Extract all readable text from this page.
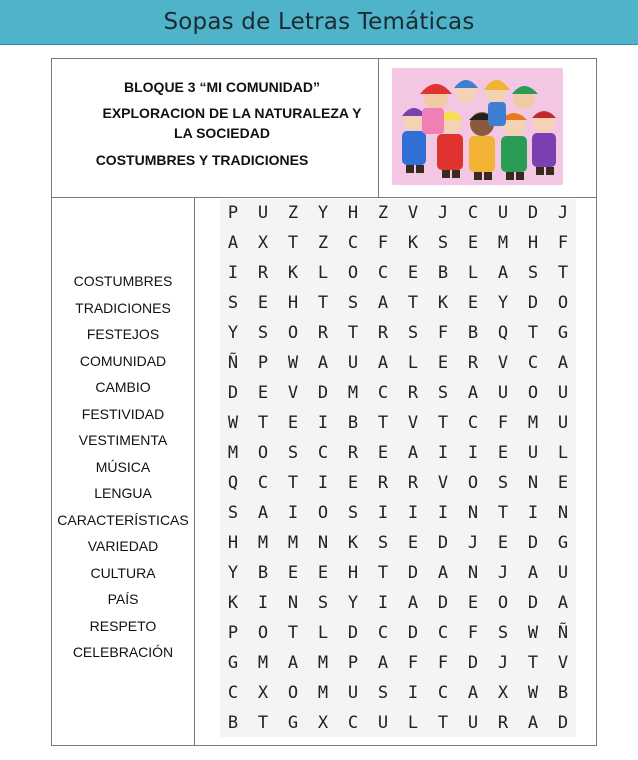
Sopas de Letras Temáticas
BLOQUE 3 “MI COMUNIDAD”
EXPLORACION DE LA NATURALEZA Y
LA SOCIEDAD
COSTUMBRES Y TRADICIONES
COSTUMBRES
TRADICIONES
FESTEJOS
COMUNIDAD
CAMBIO
FESTIVIDAD
VESTIMENTA
MÚSICA
LENGUA
CARACTERÍSTICAS
VARIEDAD
CULTURA
PAÍS
RESPETO
CELEBRACIÓN
P	U	Z	Y	H	Z	V	J	C	U	D	J
A	X	T	Z	C	F	K	S	E	M	H	F
I	R	K	L	O	C	E	B	L	A	S	T
S	E	H	T	S	A	T	K	E	Y	D	O
Y	S	O	R	T	R	S	F	B	Q	T	G
Ñ	P	W	A	U	A	L	E	R	V	C	A
D	E	V	D	M	C	R	S	A	U	O	U
W	T	E	I	B	T	V	T	C	F	M	U
M	O	S	C	R	E	A	I	I	E	U	L
Q	C	T	I	E	R	R	V	O	S	N	E
S	A	I	O	S	I	I	I	N	T	I	N
H	M	M	N	K	S	E	D	J	E	D	G
Y	B	E	E	H	T	D	A	N	J	A	U
K	I	N	S	Y	I	A	D	E	O	D	A
P	O	T	L	D	C	D	C	F	S	W	Ñ
G	M	A	M	P	A	F	F	D	J	T	V
C	X	O	M	U	S	I	C	A	X	W	B
B	T	G	X	C	U	L	T	U	R	A	D
